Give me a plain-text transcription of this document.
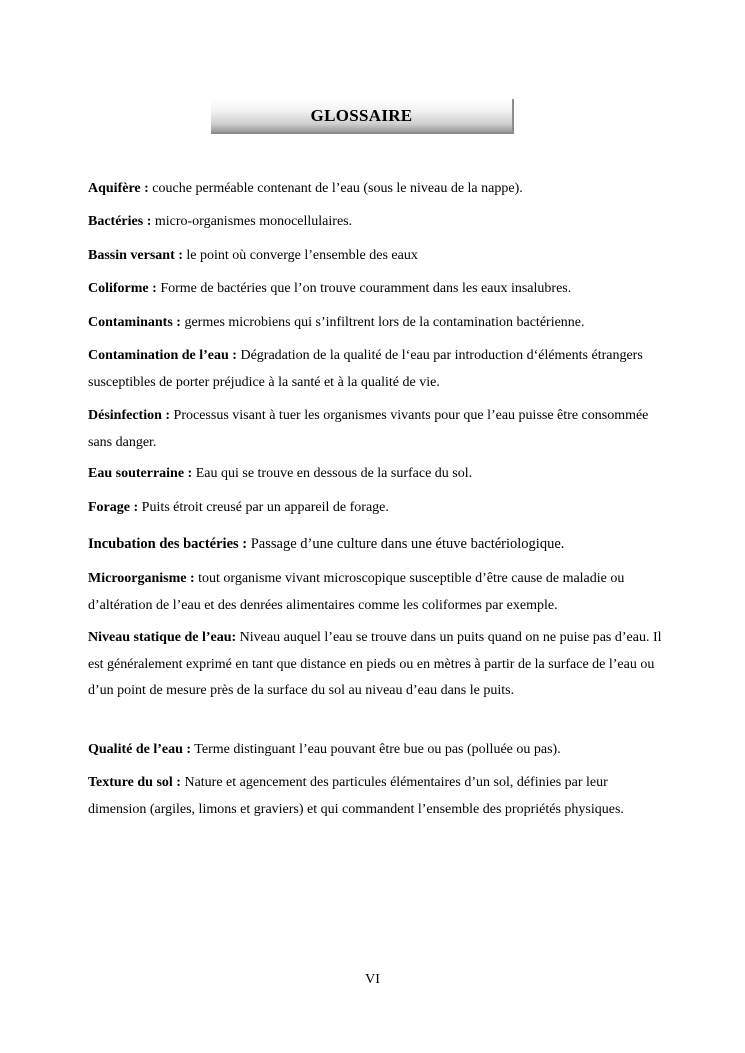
GLOSSAIRE

Aquifère : couche perméable contenant de l’eau (sous le niveau de la nappe).

Bactéries : micro-organismes monocellulaires.

Bassin versant : le point où converge l’ensemble des eaux

Coliforme : Forme de bactéries que l’on trouve couramment dans les eaux insalubres.

Contaminants : germes microbiens qui s’infiltrent lors de la contamination bactérienne.

Contamination de l’eau : Dégradation de la qualité de l‘eau par introduction d‘éléments étrangers susceptibles de porter préjudice à la santé et à la qualité de vie.

Désinfection : Processus visant à tuer les organismes vivants pour que l’eau puisse être consommée sans danger.

Eau souterraine : Eau qui se trouve en dessous de la surface du sol.

Forage : Puits étroit creusé par un appareil de forage.

Incubation des bactéries : Passage d’une culture dans une étuve bactériologique.

Microorganisme : tout organisme vivant microscopique susceptible d’être cause de maladie ou d’altération de l’eau et des denrées alimentaires comme les coliformes par exemple.

Niveau statique de l’eau: Niveau auquel l’eau se trouve dans un puits quand on ne puise pas d’eau. Il est généralement exprimé en tant que distance en pieds ou en mètres à partir de la surface de l’eau ou d’un point de mesure près de la surface du sol au niveau d’eau dans le puits.

Qualité de l’eau : Terme distinguant l’eau pouvant être bue ou pas (polluée ou pas).

Texture du sol : Nature et agencement des particules élémentaires d’un sol, définies par leur dimension (argiles, limons et graviers) et qui commandent l’ensemble des propriétés physiques.

VI
